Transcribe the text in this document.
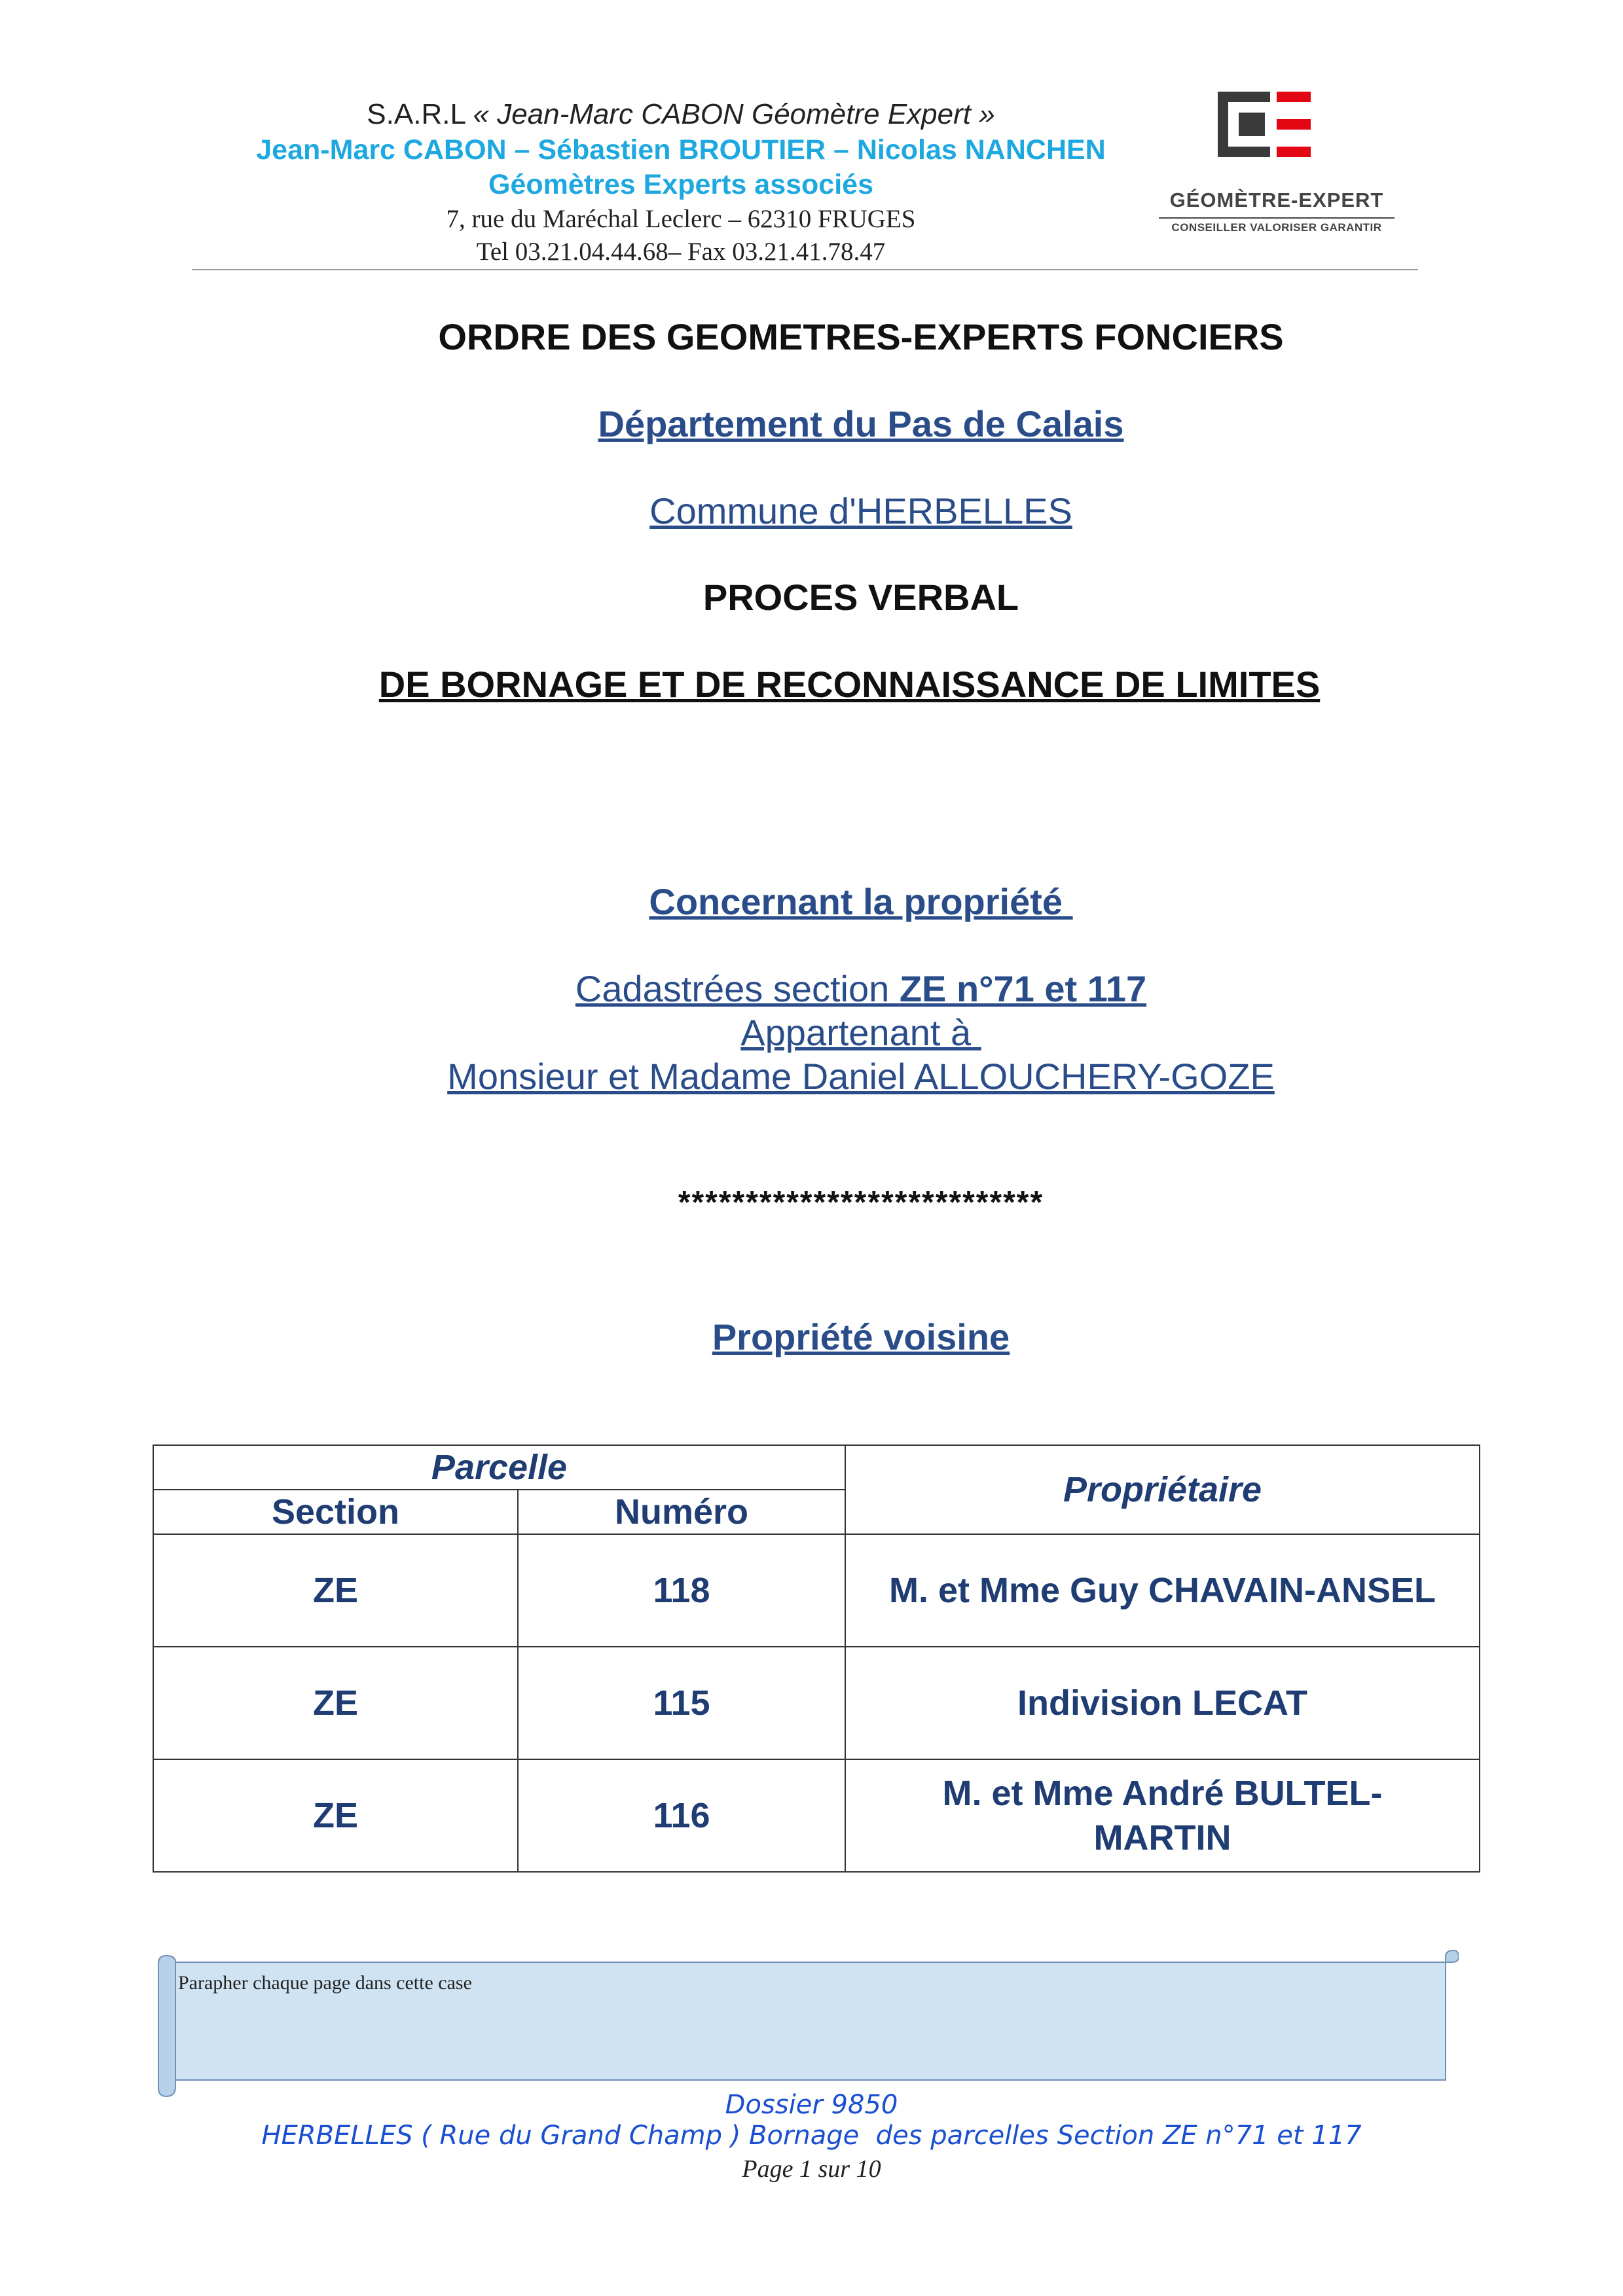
S.A.R.L « Jean-Marc CABON Géomètre Expert »
Jean-Marc CABON – Sébastien BROUTIER – Nicolas NANCHEN
Géomètres Experts associés
7, rue du Maréchal Leclerc – 62310 FRUGES
Tel 03.21.04.44.68– Fax 03.21.41.78.47
GÉOMÈTRE-EXPERT
CONSEILLER VALORISER GARANTIR
ORDRE DES GEOMETRES-EXPERTS FONCIERS
Département du Pas de Calais
Commune d'HERBELLES
PROCES VERBAL
DE BORNAGE ET DE RECONNAISSANCE DE LIMITES
Concernant la propriété
Cadastrées section ZE n°71 et 117
Appartenant à
Monsieur et Madame Daniel ALLOUCHERY-GOZE
***************************
Propriété voisine
Parcelle		Propriétaire
Section	Numéro	
ZE	118	M. et Mme Guy CHAVAIN-ANSEL
ZE	115	Indivision LECAT
ZE	116	M. et Mme André BULTEL-MARTIN
Parapher chaque page dans cette case
Dossier 9850
HERBELLES ( Rue du Grand Champ ) Bornage  des parcelles Section ZE n°71 et 117
Page 1 sur 10
